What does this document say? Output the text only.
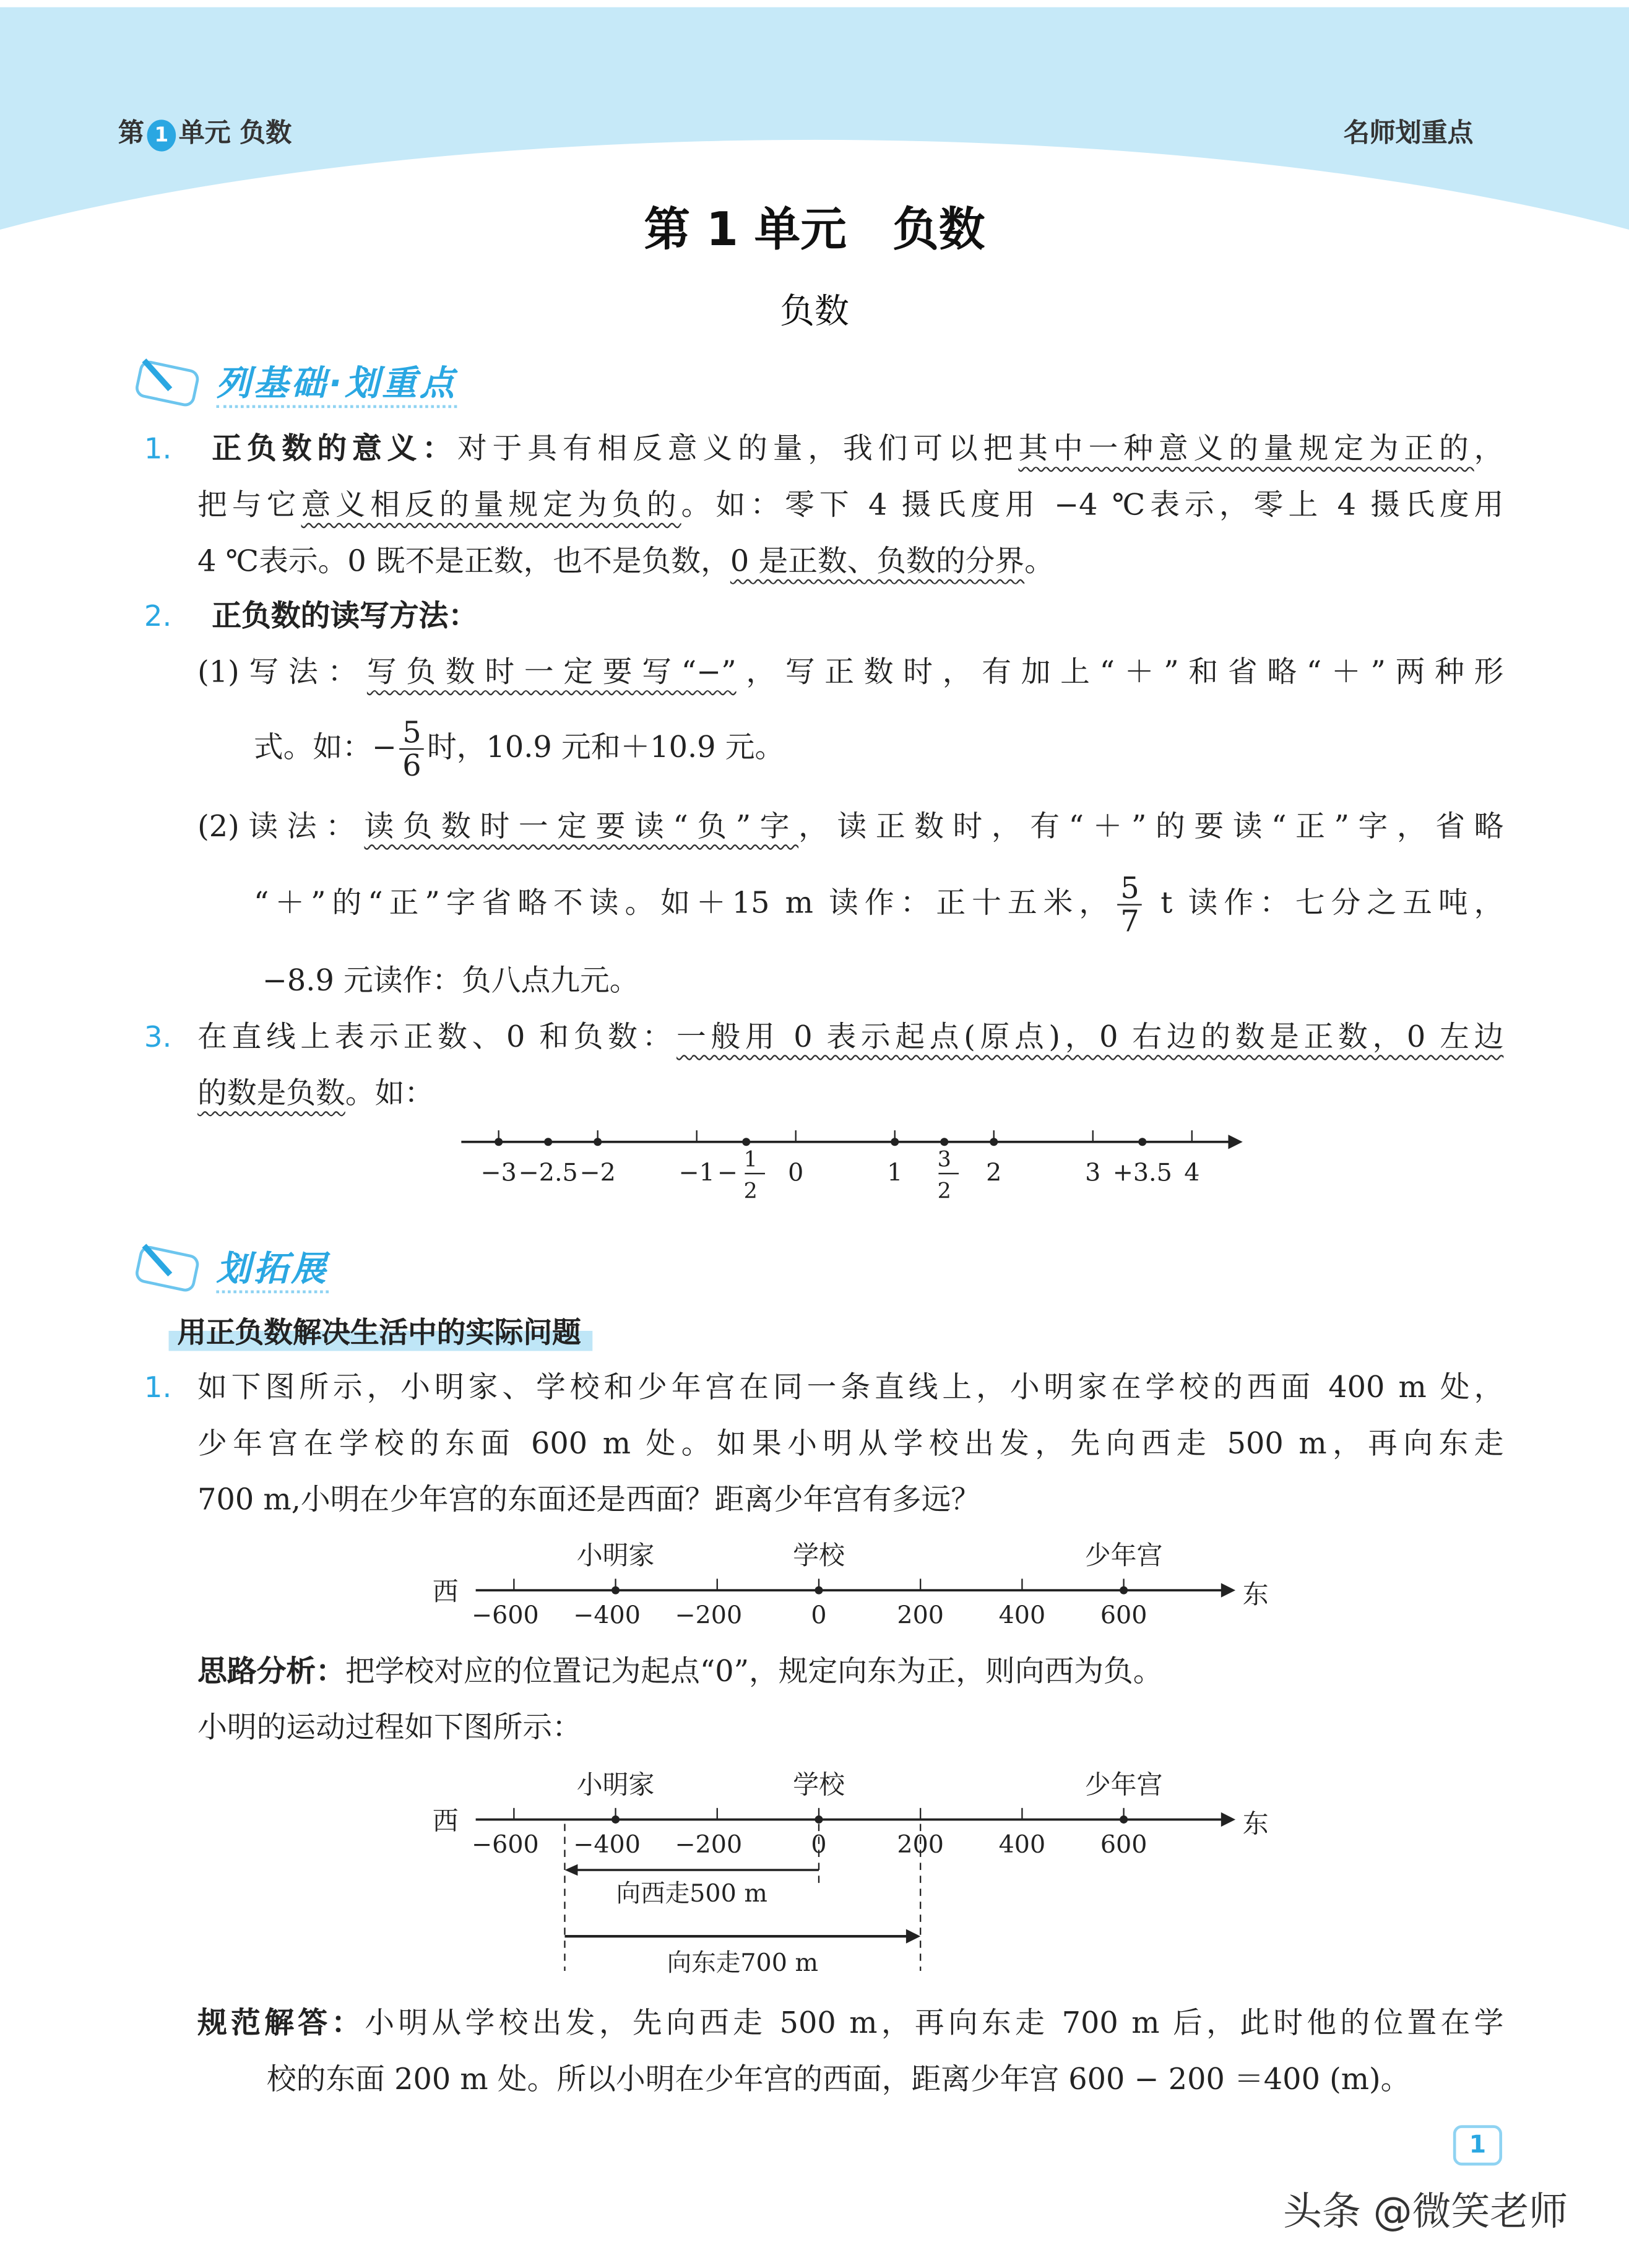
第 1 单元 负数	名师划重点
第 1 单元　负数
负数
列基础·划重点
划拓展
用正负数解决生活中的实际问题
1.
2.
3.
1.
正负数的意义：对于具有相反意义的量，我们可以把其中一种意义的量规定为正的，
把与它意义相反的量规定为负的。如：零下 4 摄氏度用 −4 ℃表示，零上 4 摄氏度用
4 ℃表示。0 既不是正数，也不是负数，0 是正数、负数的分界。
正负数的读写方法：
(1)写法：写负数时一定要写“−”，写正数时，有加上“＋”和省略“＋”两种形
式。如：− $\frac{5}{6}$ 时，10.9 元和＋10.9 元。
(2)读法：读负数时一定要读“负”字，读正数时，有“＋”的要读“正”字，省略
“＋”的“正”字省略不读。如＋15 m 读作：正十五米， $\frac{5}{7}$ t 读作：七分之五吨，
−8.9 元读作：负八点九元。
在直线上表示正数、0 和负数：一般用 0 表示起点(原点)，0 右边的数是正数，0 左边
的数是负数。如：
如下图所示，小明家、学校和少年宫在同一条直线上，小明家在学校的西面 400 m 处，
少年宫在学校的东面 600 m 处。如果小明从学校出发，先向西走 500 m，再向东走
700 m,小明在少年宫的东面还是西面？距离少年宫有多远？
思路分析：把学校对应的位置记为起点“0”，规定向东为正，则向西为负。
小明的运动过程如下图所示：
规范解答：小明从学校出发，先向西走 500 m，再向东走 700 m 后，此时他的位置在学
校的东面 200 m 处。所以小明在少年宫的西面，距离少年宫 600 − 200 ＝400 (m)。
−3 −2.5 −2	−1	1
2
−	0	1	3
2
2	3 +3.5 4
西	东
−600	−400	−200	0	200	400	600
小明家	学校	少年宫
西	东
−600	−400	−200	0	200	400	600
小明家	学校	少年宫
向西走500 m
向东走700 m
1
头条 @微笑老师
